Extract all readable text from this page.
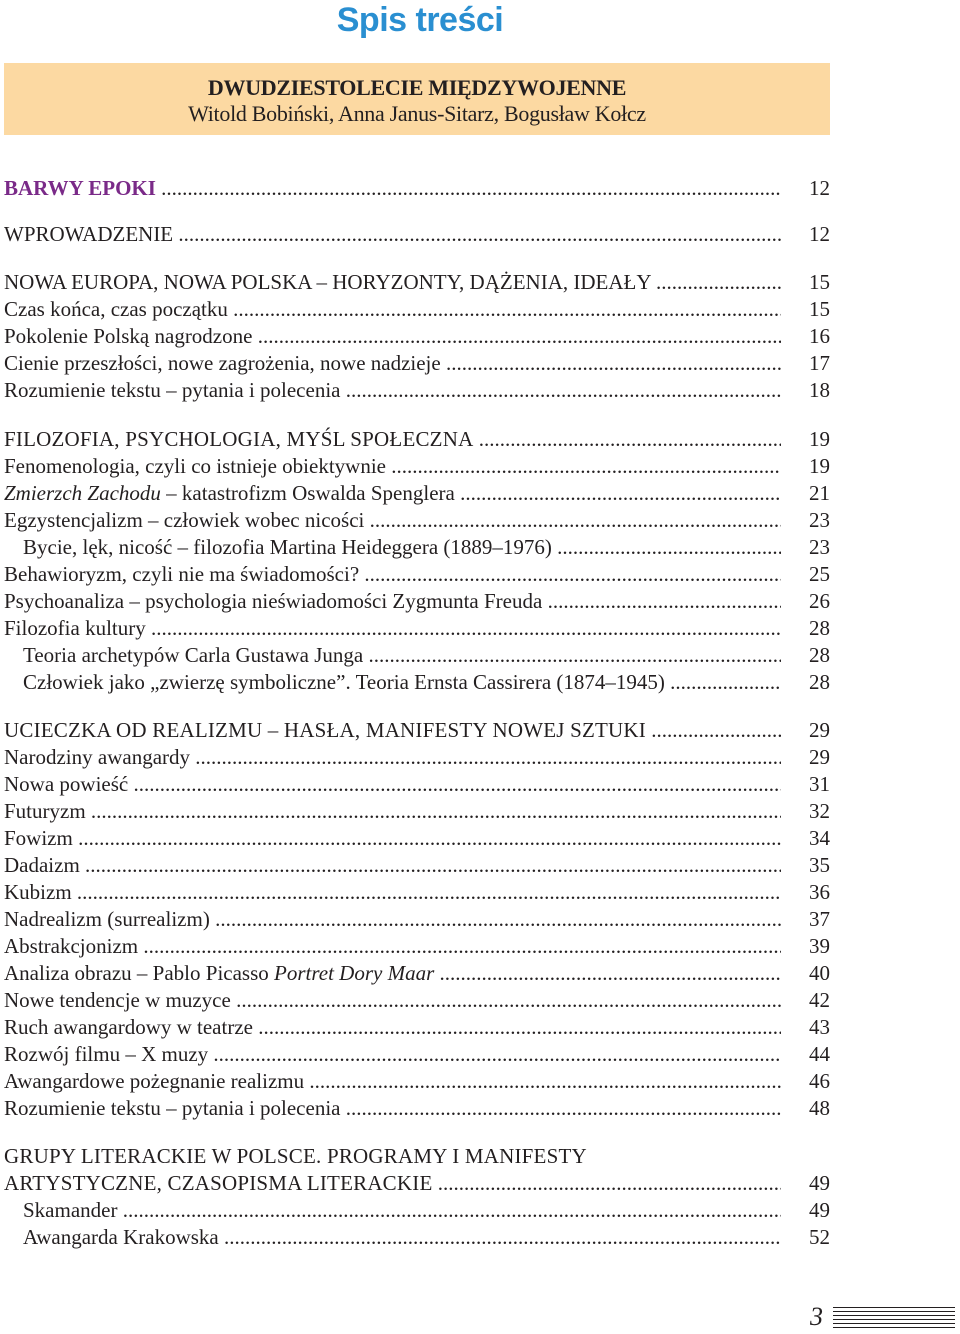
Spis treści
DWUDZIESTOLECIE MIĘDZYWOJENNE
Witold Bobiński, Anna Janus-Sitarz, Bogusław Kołcz
BARWY EPOKI .....	12
WPROWADZENIE .....	12
NOWA EUROPA, NOWA POLSKA – HORYZONTY, DĄŻENIA, IDEAŁY .....	15
Czas końca, czas początku .....	15
Pokolenie Polską nagrodzone .....	16
Cienie przeszłości, nowe zagrożenia, nowe nadzieje .....	17
Rozumienie tekstu – pytania i polecenia .....	18
FILOZOFIA, PSYCHOLOGIA, MYŚL SPOŁECZNA .....	19
Fenomenologia, czyli co istnieje obiektywnie .....	19
Zmierzch Zachodu – katastrofizm Oswalda Spenglera .....	21
Egzystencjalizm – człowiek wobec nicości .....	23
Bycie, lęk, nicość – filozofia Martina Heideggera (1889–1976) .....	23
Behawioryzm, czyli nie ma świadomości? .....	25
Psychoanaliza – psychologia nieświadomości Zygmunta Freuda .....	26
Filozofia kultury .....	28
Teoria archetypów Carla Gustawa Junga .....	28
Człowiek jako „zwierzę symboliczne”. Teoria Ernsta Cassirera (1874–1945) .....	28
UCIECZKA OD REALIZMU – HASŁA, MANIFESTY NOWEJ SZTUKI .....	29
Narodziny awangardy .....	29
Nowa powieść .....	31
Futuryzm .....	32
Fowizm .....	34
Dadaizm .....	35
Kubizm .....	36
Nadrealizm (surrealizm) .....	37
Abstrakcjonizm .....	39
Analiza obrazu – Pablo Picasso Portret Dory Maar .....	40
Nowe tendencje w muzyce .....	42
Ruch awangardowy w teatrze .....	43
Rozwój filmu – X muzy .....	44
Awangardowe pożegnanie realizmu .....	46
Rozumienie tekstu – pytania i polecenia .....	48
GRUPY LITERACKIE W POLSCE. PROGRAMY I MANIFESTY
ARTYSTYCZNE, CZASOPISMA LITERACKIE .....	49
Skamander .....	49
Awangarda Krakowska .....	52
3
